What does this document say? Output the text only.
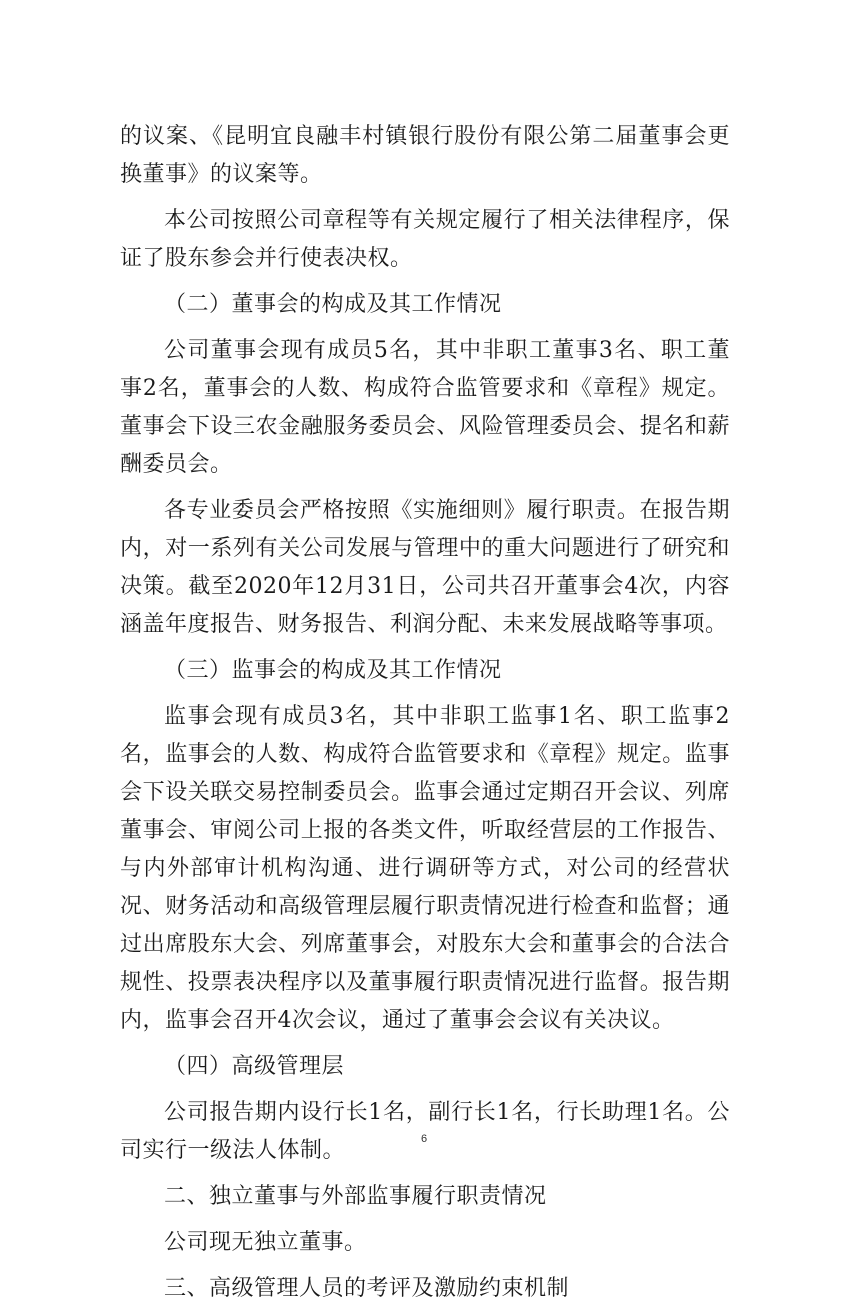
的议案、《昆明宜良融丰村镇银行股份有限公第二届董事会更换董事》的议案等。

本公司按照公司章程等有关规定履行了相关法律程序，保证了股东参会并行使表决权。

（二）董事会的构成及其工作情况

公司董事会现有成员5名，其中非职工董事3名、职工董事2名，董事会的人数、构成符合监管要求和《章程》规定。董事会下设三农金融服务委员会、风险管理委员会、提名和薪酬委员会。

各专业委员会严格按照《实施细则》履行职责。在报告期内，对一系列有关公司发展与管理中的重大问题进行了研究和决策。截至2020年12月31日，公司共召开董事会4次，内容涵盖年度报告、财务报告、利润分配、未来发展战略等事项。

（三）监事会的构成及其工作情况

监事会现有成员3名，其中非职工监事1名、职工监事2名，监事会的人数、构成符合监管要求和《章程》规定。监事会下设关联交易控制委员会。监事会通过定期召开会议、列席董事会、审阅公司上报的各类文件，听取经营层的工作报告、与内外部审计机构沟通、进行调研等方式，对公司的经营状况、财务活动和高级管理层履行职责情况进行检查和监督；通过出席股东大会、列席董事会，对股东大会和董事会的合法合规性、投票表决程序以及董事履行职责情况进行监督。报告期内，监事会召开4次会议，通过了董事会会议有关决议。

（四）高级管理层

公司报告期内设行长1名，副行长1名，行长助理1名。公司实行一级法人体制。

二、独立董事与外部监事履行职责情况

公司现无独立董事。

三、高级管理人员的考评及激励约束机制

6
